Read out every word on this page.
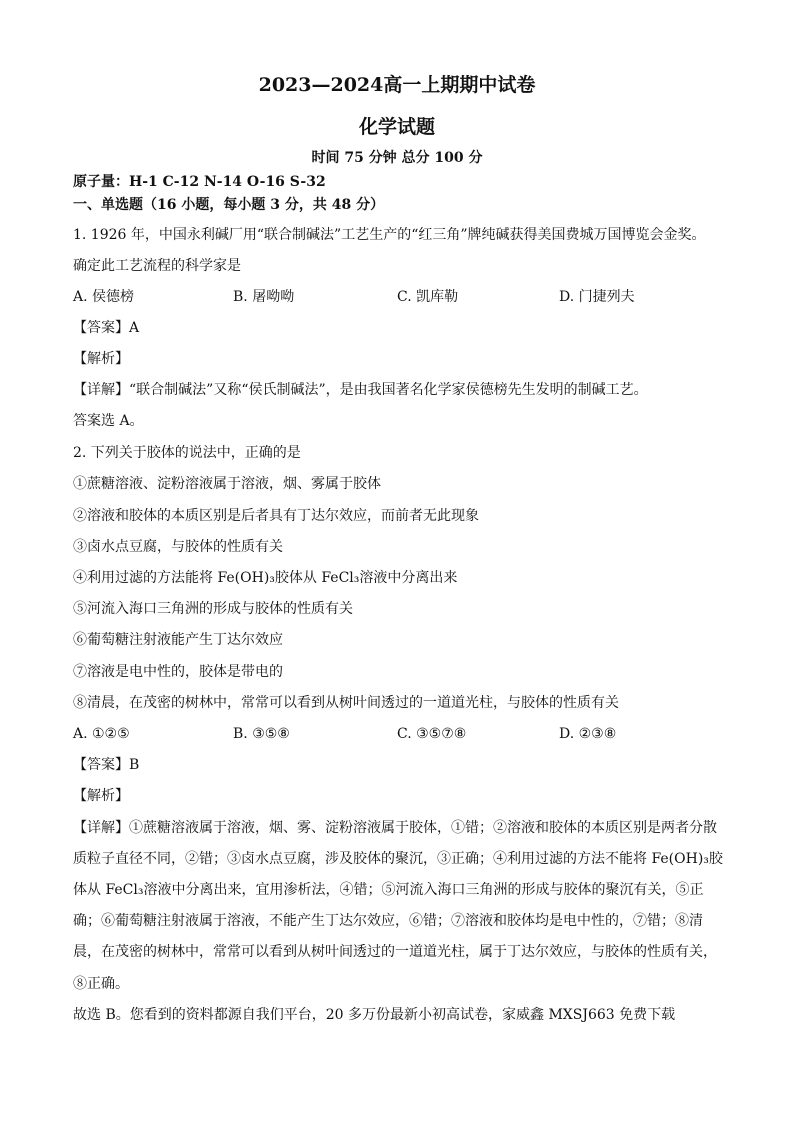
2023—2024高一上期期中试卷
化学试题
时间 75 分钟 总分 100 分
原子量：H-1 C-12 N-14 O-16 S-32
一、单选题（16 小题，每小题 3 分，共 48 分）
1. 1926 年，中国永利碱厂用“联合制碱法”工艺生产的“红三角”牌纯碱获得美国费城万国博览会金奖。
确定此工艺流程的科学家是
A. 侯德榜	B. 屠呦呦	C. 凯库勒	D. 门捷列夫
【答案】A
【解析】
【详解】“联合制碱法”又称“侯氏制碱法”，是由我国著名化学家侯德榜先生发明的制碱工艺。
答案选 A。
2. 下列关于胶体的说法中，正确的是
①蔗糖溶液、淀粉溶液属于溶液，烟、雾属于胶体
②溶液和胶体的本质区别是后者具有丁达尔效应，而前者无此现象
③卤水点豆腐，与胶体的性质有关
④利用过滤的方法能将 Fe(OH)₃胶体从 FeCl₃溶液中分离出来
⑤河流入海口三角洲的形成与胶体的性质有关
⑥葡萄糖注射液能产生丁达尔效应
⑦溶液是电中性的，胶体是带电的
⑧清晨，在茂密的树林中，常常可以看到从树叶间透过的一道道光柱，与胶体的性质有关
A. ①②⑤	B. ③⑤⑧	C. ③⑤⑦⑧	D. ②③⑧
【答案】B
【解析】
【详解】①蔗糖溶液属于溶液，烟、雾、淀粉溶液属于胶体，①错；②溶液和胶体的本质区别是两者分散
质粒子直径不同，②错；③卤水点豆腐，涉及胶体的聚沉，③正确；④利用过滤的方法不能将 Fe(OH)₃胶
体从 FeCl₃溶液中分离出来，宜用渗析法，④错；⑤河流入海口三角洲的形成与胶体的聚沉有关，⑤正
确；⑥葡萄糖注射液属于溶液，不能产生丁达尔效应，⑥错；⑦溶液和胶体均是电中性的，⑦错；⑧清
晨，在茂密的树林中，常常可以看到从树叶间透过的一道道光柱，属于丁达尔效应，与胶体的性质有关，
⑧正确。
故选 B。您看到的资料都源自我们平台，20 多万份最新小初高试卷，家威鑫 MXSJ663 免费下载
